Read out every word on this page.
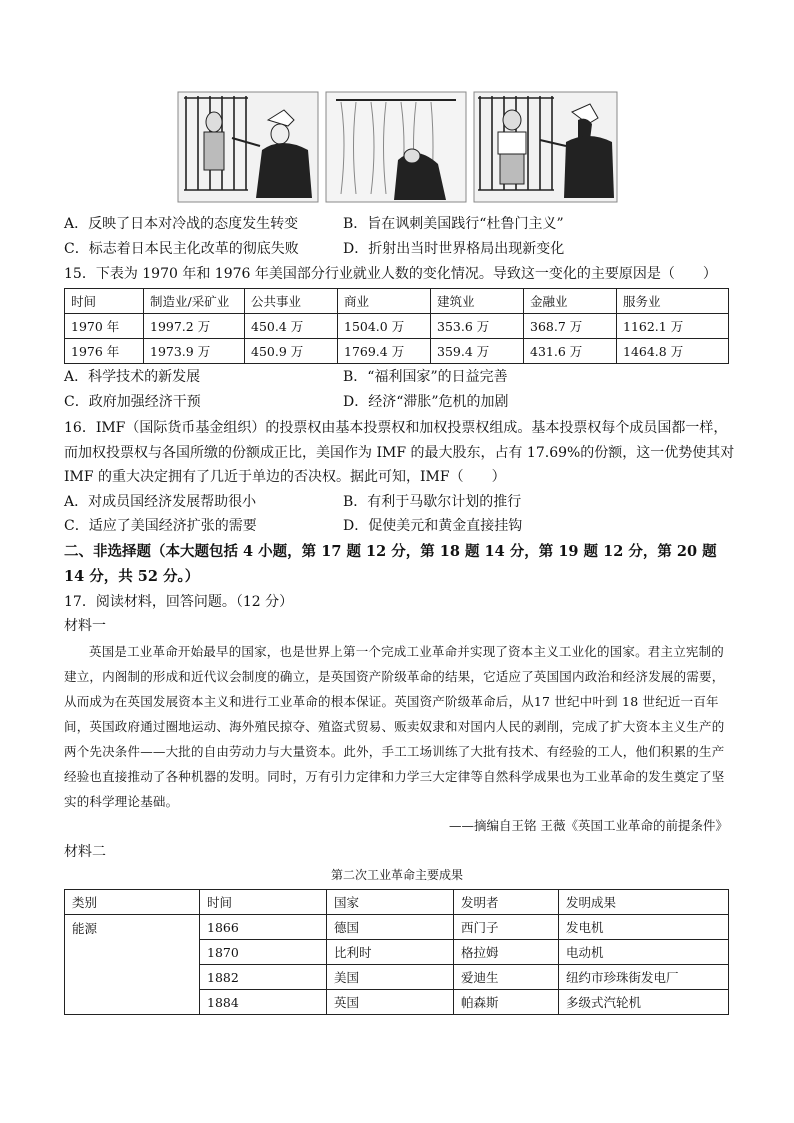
A．反映了日本对冷战的态度发生转变	B．旨在讽刺美国践行“杜鲁门主义”
C．标志着日本民主化改革的彻底失败	D．折射出当时世界格局出现新变化
15．下表为 1970 年和 1976 年美国部分行业就业人数的变化情况。导致这一变化的主要原因是（　　）
时间	制造业/采矿业	公共事业	商业	建筑业	金融业	服务业
1970 年	1997.2 万	450.4 万	1504.0 万	353.6 万	368.7 万	1162.1 万
1976 年	1973.9 万	450.9 万	1769.4 万	359.4 万	431.6 万	1464.8 万
A．科学技术的新发展	B．“福利国家”的日益完善
C．政府加强经济干预	D．经济“滞胀”危机的加剧
16．IMF（国际货币基金组织）的投票权由基本投票权和加权投票权组成。基本投票权每个成员国都一样，
而加权投票权与各国所缴的份额成正比，美国作为 IMF 的最大股东，占有 17.69%的份额，这一优势使其对
IMF 的重大决定拥有了几近于单边的否决权。据此可知，IMF（　　）
A．对成员国经济发展帮助很小	B．有利于马歇尔计划的推行
C．适应了美国经济扩张的需要	D．促使美元和黄金直接挂钩
二、非选择题（本大题包括 4 小题，第 17 题 12 分，第 18 题 14 分，第 19 题 12 分，第 20 题
14 分，共 52 分。）
17．阅读材料，回答问题。（12 分）
材料一
英国是工业革命开始最早的国家，也是世界上第一个完成工业革命并实现了资本主义工业化的国家。君主立宪制的建立，内阁制的形成和近代议会制度的确立，是英国资产阶级革命的结果，它适应了英国国内政治和经济发展的需要，从而成为在英国发展资本主义和进行工业革命的根本保证。英国资产阶级革命后，从17 世纪中叶到 18 世纪近一百年间，英国政府通过圈地运动、海外殖民掠夺、殖盗式贸易、贩卖奴隶和对国内人民的剥削，完成了扩大资本主义生产的两个先决条件——大批的自由劳动力与大量资本。此外，手工工场训练了大批有技术、有经验的工人，他们积累的生产经验也直接推动了各种机器的发明。同时，万有引力定律和力学三大定律等自然科学成果也为工业革命的发生奠定了坚实的科学理论基础。
——摘编自王铭 王薇《英国工业革命的前提条件》
材料二
第二次工业革命主要成果
类别	时间	国家	发明者	发明成果
能源	1866	德国	西门子	发电机
	1870	比利时	格拉姆	电动机
	1882	美国	爱迪生	纽约市珍珠街发电厂
	1884	英国	帕森斯	多级式汽轮机
